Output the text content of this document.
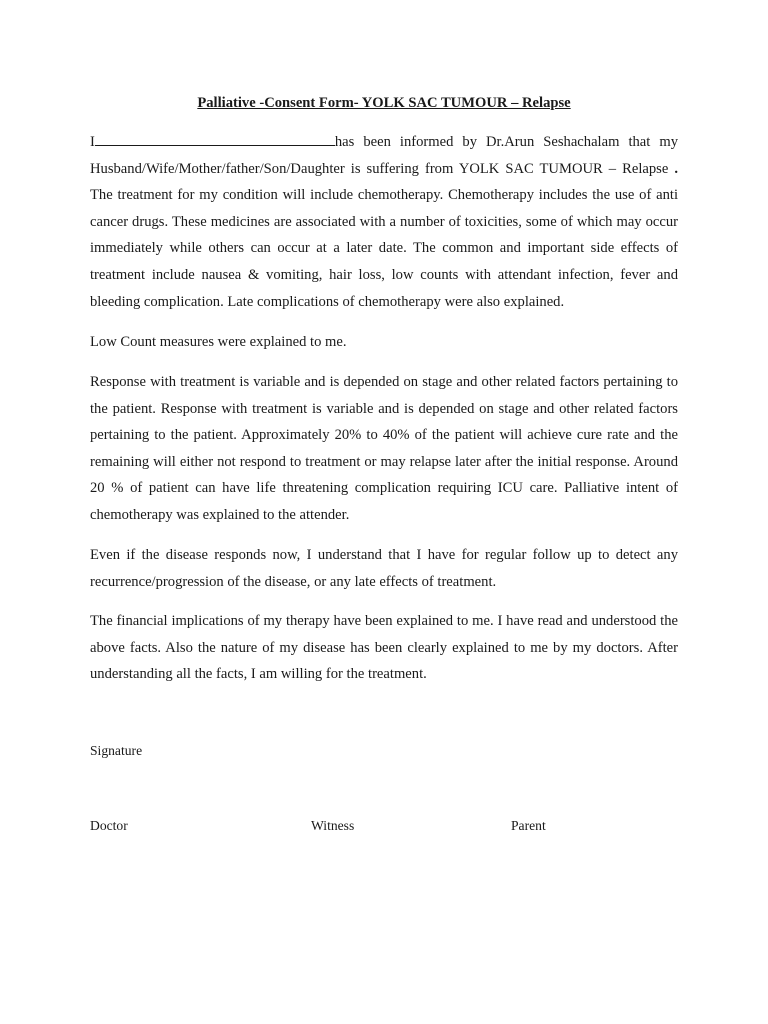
Palliative -Consent Form- YOLK SAC TUMOUR – Relapse

I	has been informed by Dr.Arun Seshachalam that my Husband/Wife/Mother/father/Son/Daughter is suffering from YOLK SAC TUMOUR – Relapse . The treatment for my condition will include chemotherapy. Chemotherapy includes the use of anti cancer drugs. These medicines are associated with a number of toxicities, some of which may occur immediately while others can occur at a later date. The common and important side effects of treatment include nausea & vomiting, hair loss, low counts with attendant infection, fever and bleeding complication. Late complications of chemotherapy were also explained.

Low Count measures were explained to me.

Response with treatment is variable and is depended on stage and other related factors pertaining to the patient. Response with treatment is variable and is depended on stage and other related factors pertaining to the patient. Approximately 20% to 40% of the patient will achieve cure rate and the remaining will either not respond to treatment or may relapse later after the initial response. Around 20 % of patient can have life threatening complication requiring ICU care. Palliative intent of chemotherapy was explained to the attender.

Even if the disease responds now, I understand that I have for regular follow up to detect any recurrence/progression of the disease, or any late effects of treatment.

The financial implications of my therapy have been explained to me. I have read and understood the above facts. Also the nature of my disease has been clearly explained to me by my doctors. After understanding all the facts, I am willing for the treatment.

Signature

Doctor	Witness	Parent
